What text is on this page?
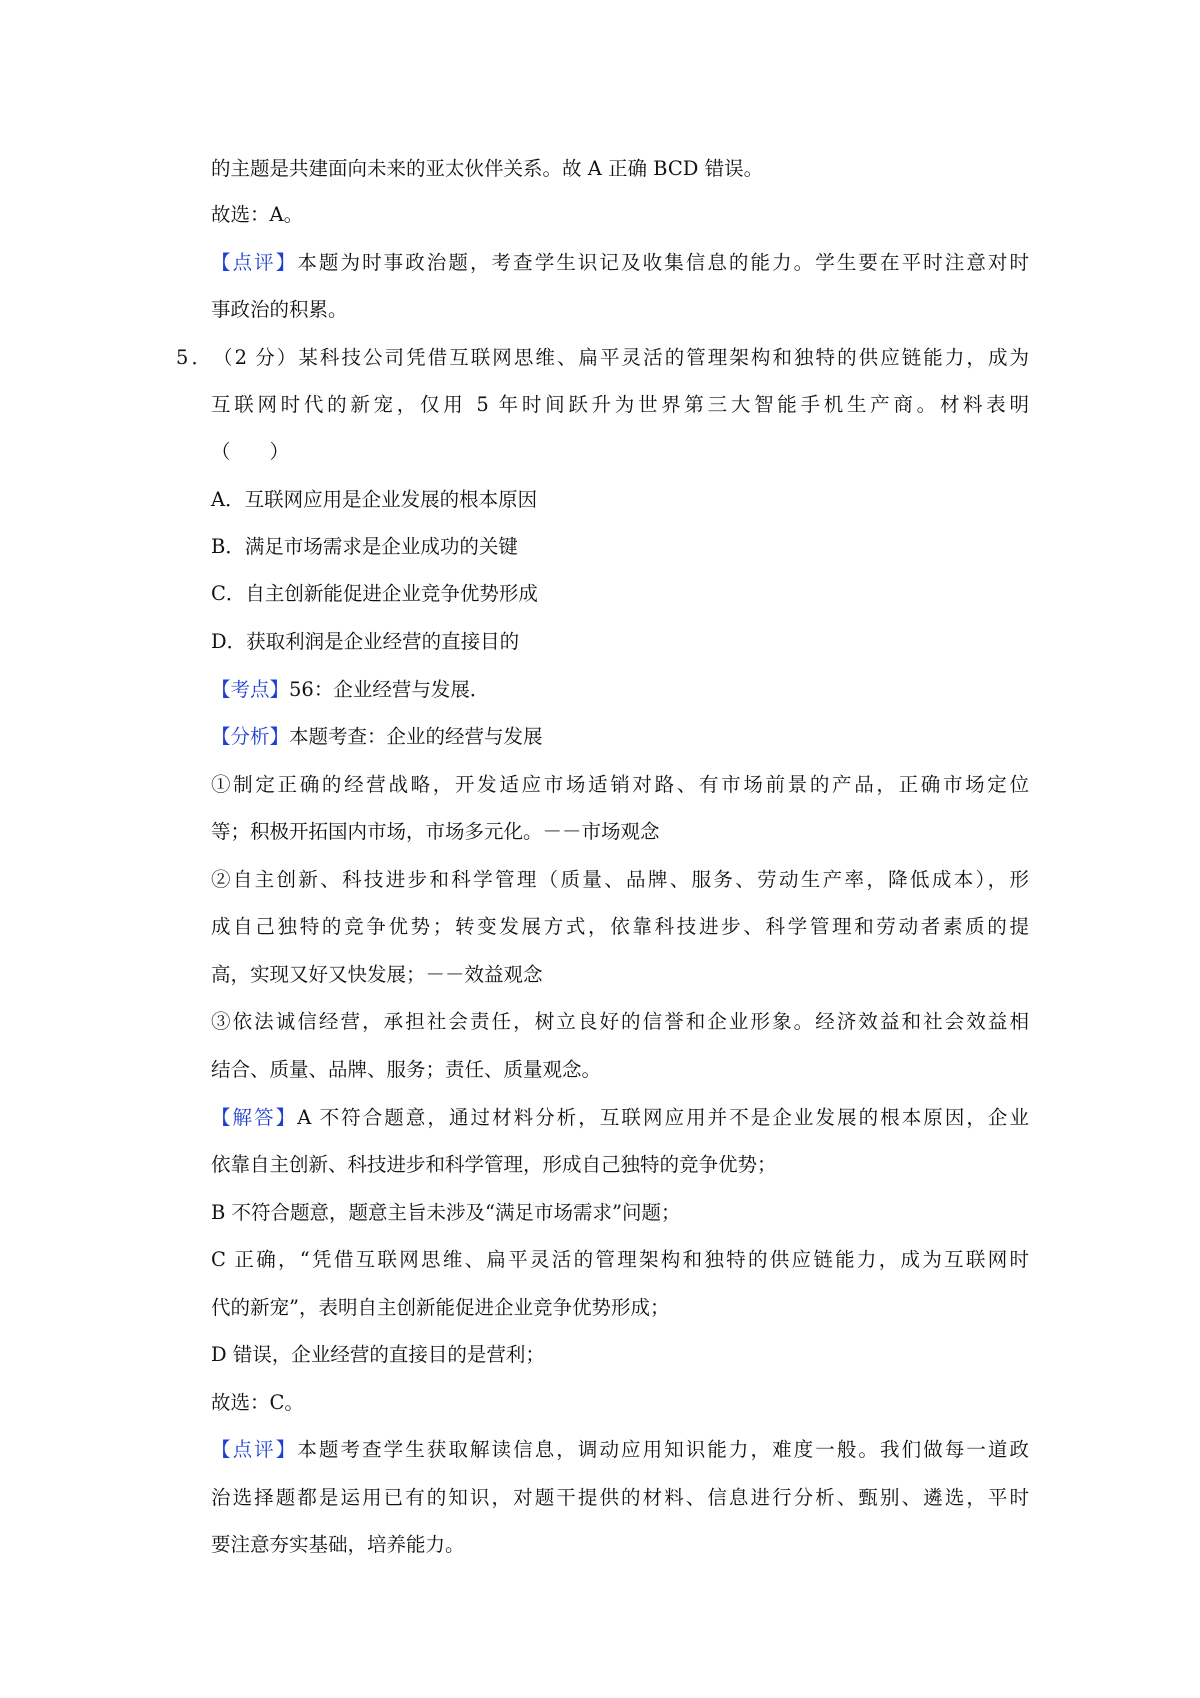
的主题是共建面向未来的亚太伙伴关系。故 A 正确 BCD 错误。
故选：A。
【点评】本题为时事政治题，考查学生识记及收集信息的能力。学生要在平时注意对时
事政治的积累。
5．（2 分）某科技公司凭借互联网思维、扁平灵活的管理架构和独特的供应链能力，成为
互联网时代的新宠，仅用 5 年时间跃升为世界第三大智能手机生产商。材料表明
（　　）
A．互联网应用是企业发展的根本原因
B．满足市场需求是企业成功的关键
C．自主创新能促进企业竞争优势形成
D．获取利润是企业经营的直接目的
【考点】56：企业经营与发展．
【分析】本题考查：企业的经营与发展
①制定正确的经营战略，开发适应市场适销对路、有市场前景的产品，正确市场定位
等；积极开拓国内市场，市场多元化。－－市场观念
②自主创新、科技进步和科学管理（质量、品牌、服务、劳动生产率，降低成本），形
成自己独特的竞争优势；转变发展方式，依靠科技进步、科学管理和劳动者素质的提
高，实现又好又快发展；－－效益观念
③依法诚信经营，承担社会责任，树立良好的信誉和企业形象。经济效益和社会效益相
结合、质量、品牌、服务；责任、质量观念。
【解答】A 不符合题意，通过材料分析，互联网应用并不是企业发展的根本原因，企业
依靠自主创新、科技进步和科学管理，形成自己独特的竞争优势；
B 不符合题意，题意主旨未涉及“满足市场需求”问题；
C 正确，“凭借互联网思维、扁平灵活的管理架构和独特的供应链能力，成为互联网时
代的新宠”，表明自主创新能促进企业竞争优势形成；
D 错误，企业经营的直接目的是营利；
故选：C。
【点评】本题考查学生获取解读信息，调动应用知识能力，难度一般。我们做每一道政
治选择题都是运用已有的知识，对题干提供的材料、信息进行分析、甄别、遴选，平时
要注意夯实基础，培养能力。
